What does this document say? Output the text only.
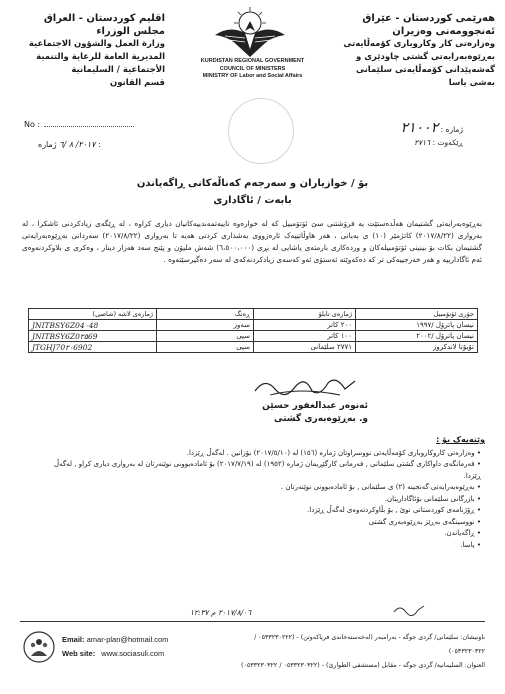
هەرێمی کوردستان - عێراق
ئەنجوومەنی وەزیران
وەزارەتی کار وکاروباری کۆمەڵایەتی
بەڕێوەبەرایەتی گشتی چاودێری و
گەشەپێدانی کۆمەڵایەتی سلێمانی
بەشی یاسا
اقليم كوردستان - العراق
مجلس الوزراء
وزارة العمل والشؤون الاجتماعية
المديرية العامة للرعاية والتنمية
الأجتماعية / السليمانية
قسم القانون
KURDISTAN REGIONAL GOVERNMENT
COUNCIL OF MINISTERS
MINISTRY OF Labor and Social Affairs
No :
٢٠١٧/ ٨ /٦ ژمارە :
ژمارە : ٢١٠٠٢
ڕێکەوت : ٢٧١٦
بۆ / خوازیاران و سەرجەم کەناڵەکانی ڕاگەیاندن
بابەت / ئاگاداری
بەڕێوەبەرایەتی گشتیمان هەڵدەستێت بە فرۆشتنی سێ ئۆتۆمبیل کە لە خوارەوە تایبەتمەندییەکانیان دیاری کراوە ، لە ڕێگەی زیادکردنی ئاشکرا ، لە بەرواری (٢٠١٧/٨/٢٢) کاتژمێر (١٠) ی بەیانی ، هەر هاوڵاتییەک ئارەزووی بەشداری کردنی هەیە تا بەرواری (٢٠١٧/٨/٢٢) سەردانی بەڕێوەبەرایەتی گشتیمان بکات بۆ بینینی ئۆتۆمبیلەکان و وردەکاری بارمتەی پاشایی لە بڕی (٦،٥٠٠،٠٠٠) شەش ملیۆن و پێنج سەد هەزار دینار ، وەکری ی بلاوکردنەوەی ئەم ئاگادارییە و هەر خەرجییەکی تر کە دەکەوێتە ئەستۆی ئەو کەسەی زیادکردنەکەی لە سەر دەگیرسێتەوە .
جۆری ئۆتۆمبیل	ژمارەی تابلۆ	ڕەنگ	ژمارەی لاشە (شاصی)
نیسان پاترۆل /١٩٩٧	٢٠٠ کاتر	سەوز	JNITBSY6Z04۰48
نیسان پاترۆل /٢٠٠٢	١٠٠ کاتر	سپی	JNITBSY6Z0۲۵69
تۆیۆتا لاندکروز	٢٧٧١ سلێمانی	سپی	JTGHJ70۲۰6902
ئەنوەر عبدالغفور حسێن
و. بەڕێوەبەری گشتی
وێنەیەک بۆ :
• وەزارەتی کاروکاروباری کۆمەڵایەتی نووسراوتان ژمارە (١٥٦) لە (٢٠١٧/٥/١٠) بۆزانین . لەگەڵ ڕێزدا.
• فەرمانگەی داواکاری گشتی سلێمانی , فەرمانی کارگێڕیمان ژمارە (١٩٥٢) لە (٢٠١٧/٧/١٩) بۆ ئامادەبوونی نوێنەرتان لە بەرواری دیاری کراو , لەگەڵ ڕێزدا.
• بەڕێوەبەرایەتی گەنجینە (٢) ی سلێمانی , بۆ ئامادەبوونی نوێنەرتان .
• بازرگانی سلێمانی بۆئاگاداریتان.
• ڕۆژنامەی کوردستانی نوێ , بۆ بڵاوکردنەوەی لەگەڵ ڕێزدا.
• نووسینگەی بەڕێز بەڕێوەبەری گشتی
• ڕاگەیاندن.
• یاسا.
٢٠١٧/٨/٠٦ م ١٢:٣٧
Email: amar-plan@hotmail.com
Web site: www.sociasuli.com
ناونیشان: سلێمانی/ گردی جوگە - بەرامبەر (لەخەستەخانەی فریاکەوتن) - (٠٥٣٣٢٣٠٢٢٢ / ٠٥٣٣٢٣٠٣٢٢)
العنوان: السليمانية/ گردی جوگە - مقابل (مستشفى الطوارئ) - (٠٥٣٣٢٣٠٣٢٢ / ٠٥٣٣٢٣٠٣٢٢)
